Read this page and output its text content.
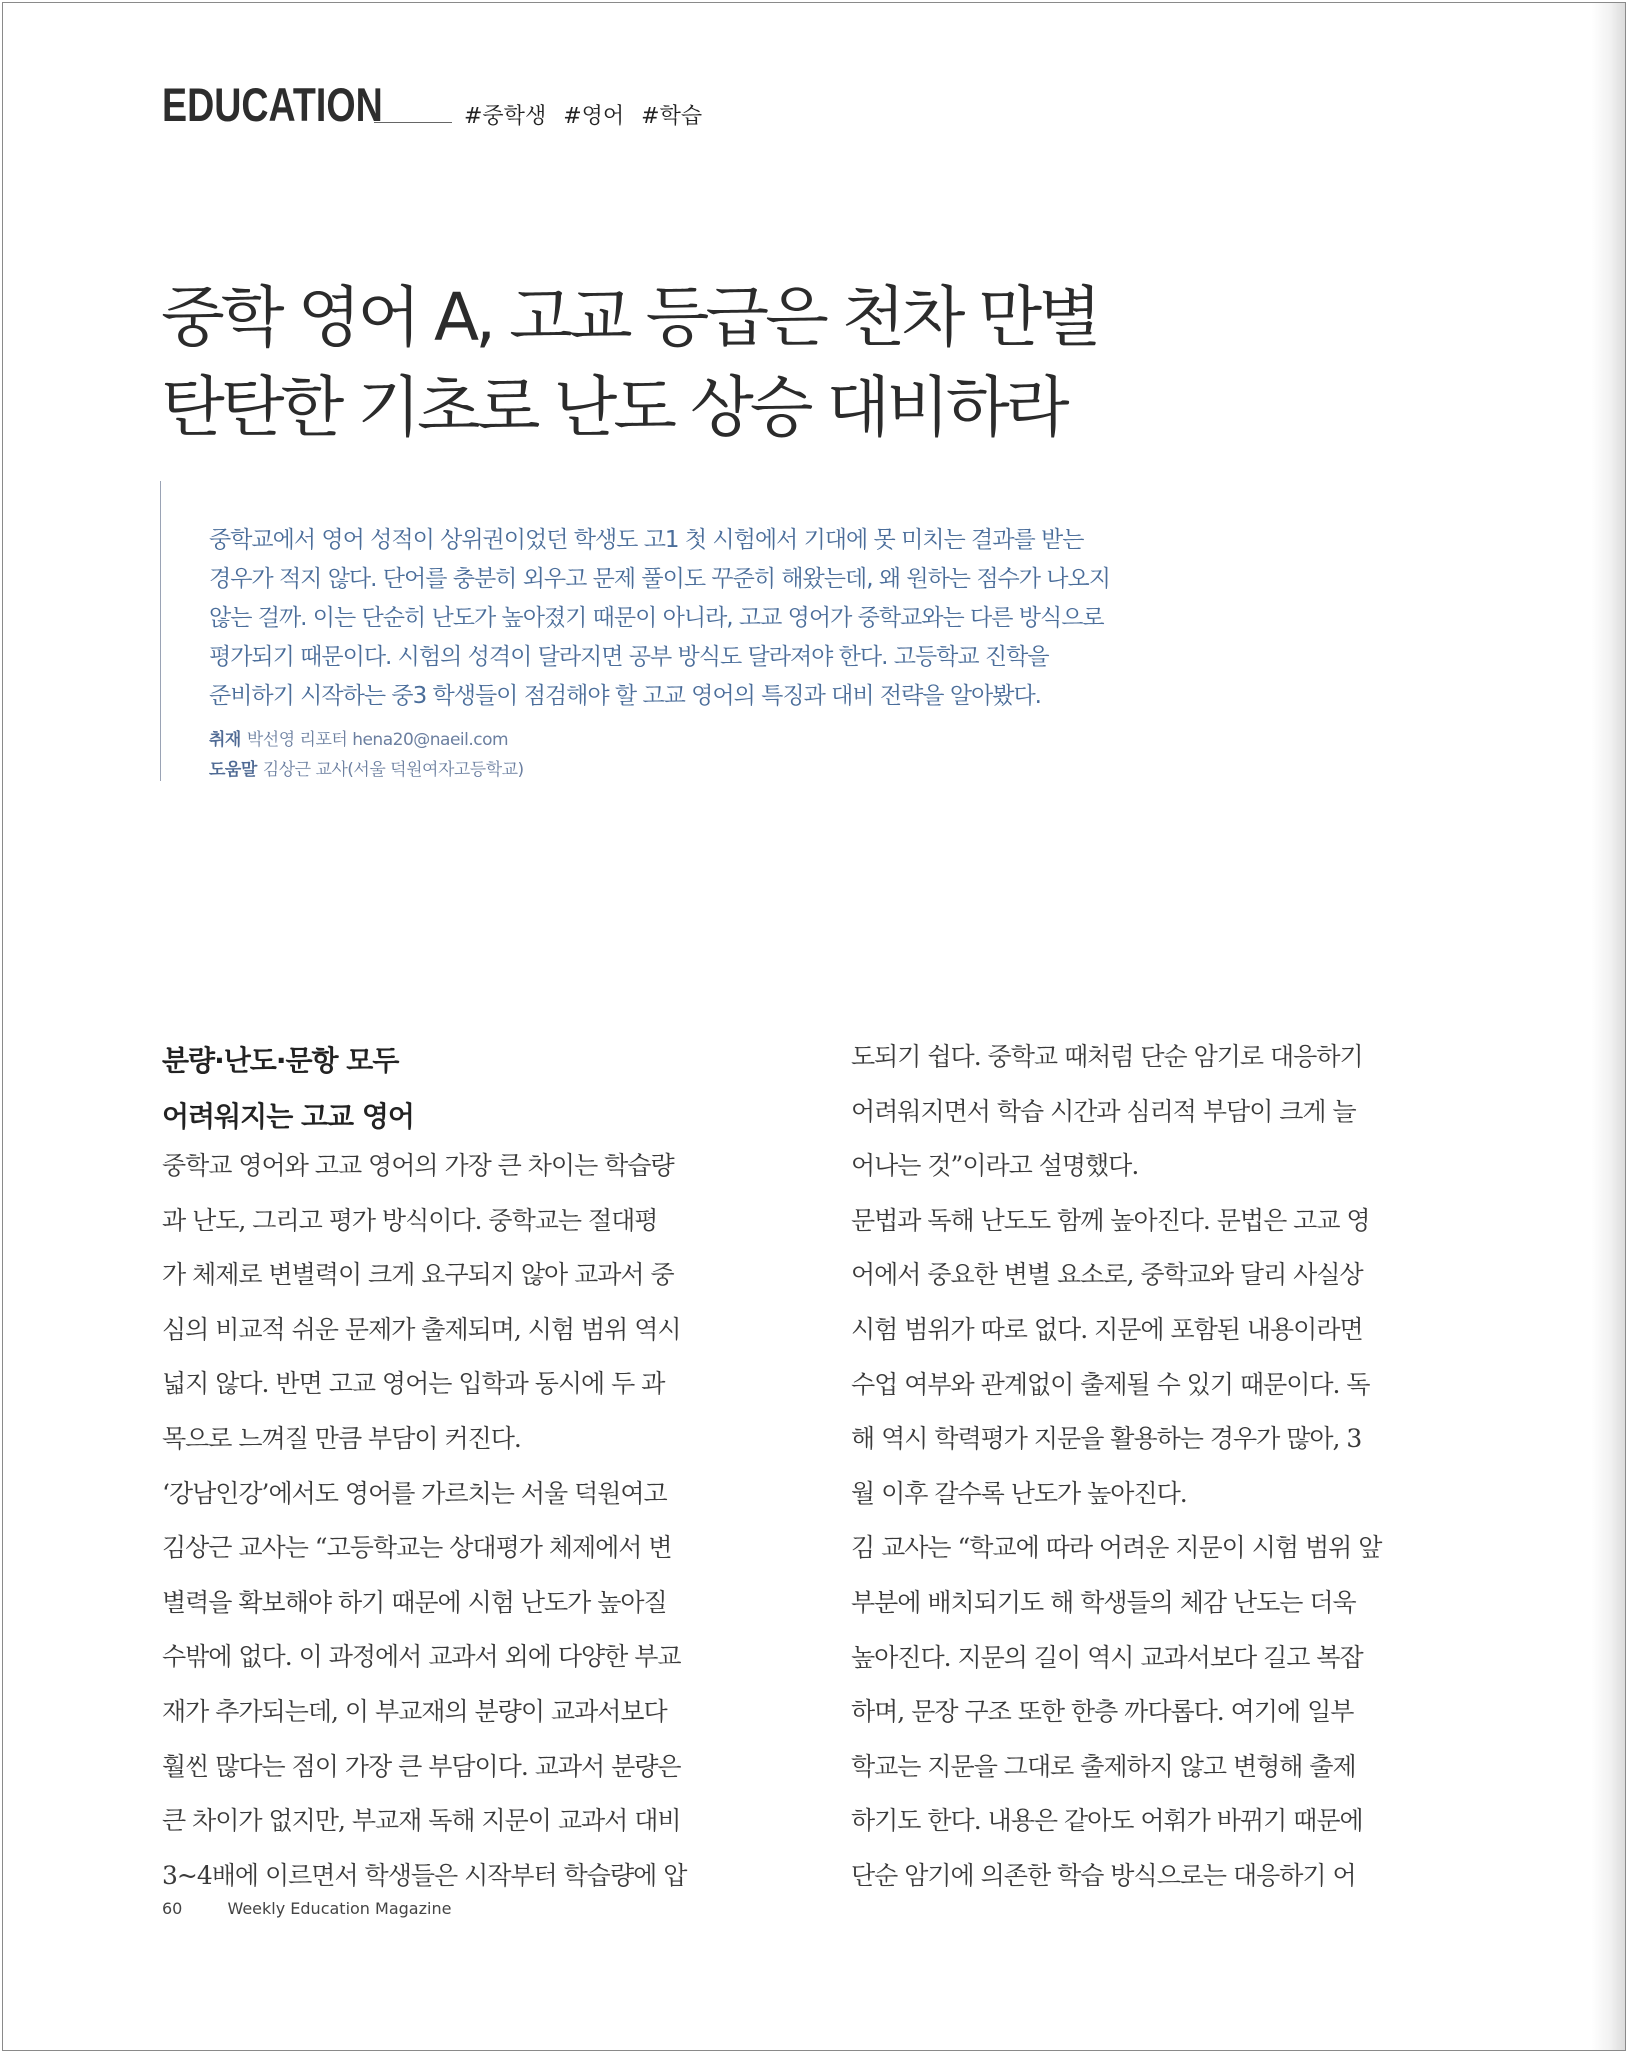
EDUCATION	#중학생 #영어 #학습
중학 영어 A, 고교 등급은 천차 만별
탄탄한 기초로 난도 상승 대비하라
중학교에서 영어 성적이 상위권이었던 학생도 고1 첫 시험에서 기대에 못 미치는 결과를 받는
경우가 적지 않다. 단어를 충분히 외우고 문제 풀이도 꾸준히 해왔는데, 왜 원하는 점수가 나오지
않는 걸까. 이는 단순히 난도가 높아졌기 때문이 아니라, 고교 영어가 중학교와는 다른 방식으로
평가되기 때문이다. 시험의 성격이 달라지면 공부 방식도 달라져야 한다. 고등학교 진학을
준비하기 시작하는 중3 학생들이 점검해야 할 고교 영어의 특징과 대비 전략을 알아봤다.
취재 박선영 리포터 hena20@naeil.com
도움말 김상근 교사(서울 덕원여자고등학교)
분량·난도·문항 모두
어려워지는 고교 영어
중학교 영어와 고교 영어의 가장 큰 차이는 학습량
과 난도, 그리고 평가 방식이다. 중학교는 절대평
가 체제로 변별력이 크게 요구되지 않아 교과서 중
심의 비교적 쉬운 문제가 출제되며, 시험 범위 역시
넓지 않다. 반면 고교 영어는 입학과 동시에 두 과
목으로 느껴질 만큼 부담이 커진다.
‘강남인강’에서도 영어를 가르치는 서울 덕원여고
김상근 교사는 “고등학교는 상대평가 체제에서 변
별력을 확보해야 하기 때문에 시험 난도가 높아질
수밖에 없다. 이 과정에서 교과서 외에 다양한 부교
재가 추가되는데, 이 부교재의 분량이 교과서보다
훨씬 많다는 점이 가장 큰 부담이다. 교과서 분량은
큰 차이가 없지만, 부교재 독해 지문이 교과서 대비
3~4배에 이르면서 학생들은 시작부터 학습량에 압
도되기 쉽다. 중학교 때처럼 단순 암기로 대응하기
어려워지면서 학습 시간과 심리적 부담이 크게 늘
어나는 것”이라고 설명했다.
문법과 독해 난도도 함께 높아진다. 문법은 고교 영
어에서 중요한 변별 요소로, 중학교와 달리 사실상
시험 범위가 따로 없다. 지문에 포함된 내용이라면
수업 여부와 관계없이 출제될 수 있기 때문이다. 독
해 역시 학력평가 지문을 활용하는 경우가 많아, 3
월 이후 갈수록 난도가 높아진다.
김 교사는 “학교에 따라 어려운 지문이 시험 범위 앞
부분에 배치되기도 해 학생들의 체감 난도는 더욱
높아진다. 지문의 길이 역시 교과서보다 길고 복잡
하며, 문장 구조 또한 한층 까다롭다. 여기에 일부
학교는 지문을 그대로 출제하지 않고 변형해 출제
하기도 한다. 내용은 같아도 어휘가 바뀌기 때문에
단순 암기에 의존한 학습 방식으로는 대응하기 어
60	Weekly Education Magazine
